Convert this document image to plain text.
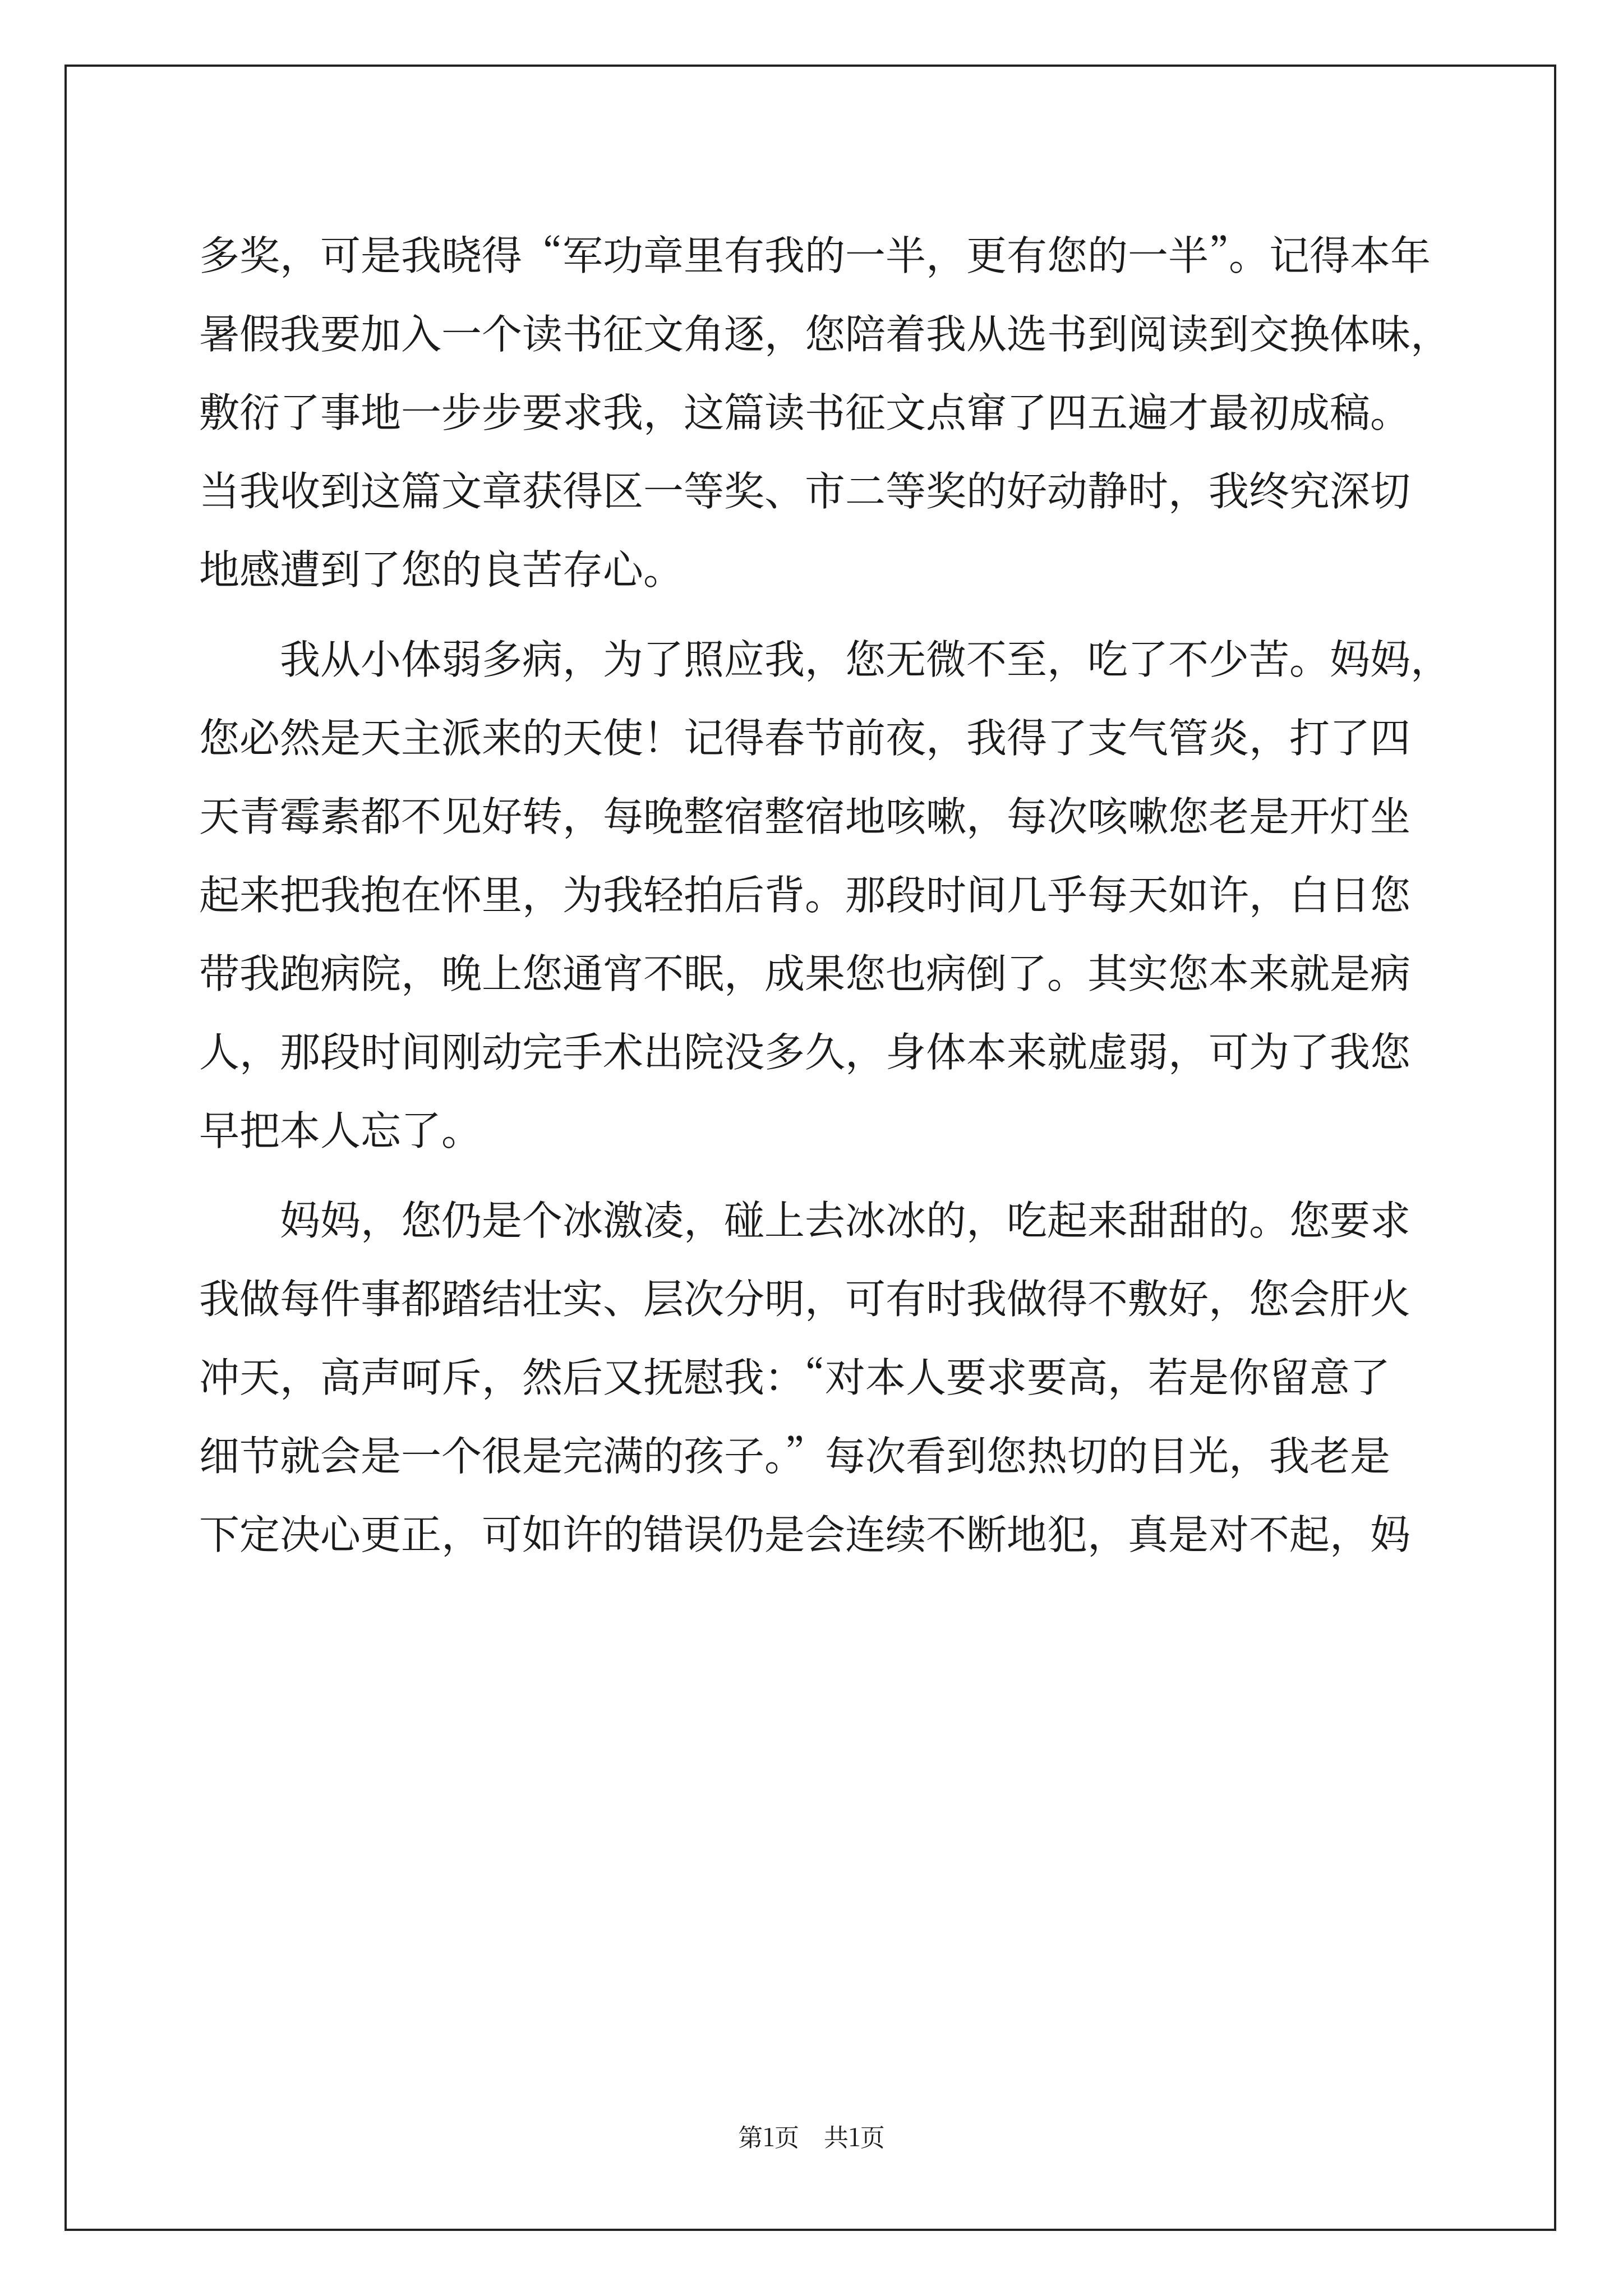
多奖，可是我晓得“军功章里有我的一半，更有您的一半”。记得本年
暑假我要加入一个读书征文角逐，您陪着我从选书到阅读到交换体味，
敷衍了事地一步步要求我，这篇读书征文点窜了四五遍才最初成稿。
当我收到这篇文章获得区一等奖、市二等奖的好动静时，我终究深切
地感遭到了您的良苦存心。
　　我从小体弱多病，为了照应我，您无微不至，吃了不少苦。妈妈，
您必然是天主派来的天使！记得春节前夜，我得了支气管炎，打了四
天青霉素都不见好转，每晚整宿整宿地咳嗽，每次咳嗽您老是开灯坐
起来把我抱在怀里，为我轻拍后背。那段时间几乎每天如许，白日您
带我跑病院，晚上您通宵不眠，成果您也病倒了。其实您本来就是病
人，那段时间刚动完手术出院没多久，身体本来就虚弱，可为了我您
早把本人忘了。
　　妈妈，您仍是个冰激凌，碰上去冰冰的，吃起来甜甜的。您要求
我做每件事都踏结壮实、层次分明，可有时我做得不敷好，您会肝火
冲天，高声呵斥，然后又抚慰我：“对本人要求要高，若是你留意了
细节就会是一个很是完满的孩子。”每次看到您热切的目光，我老是
下定决心更正，可如许的错误仍是会连续不断地犯，真是对不起，妈
第1页 共1页
